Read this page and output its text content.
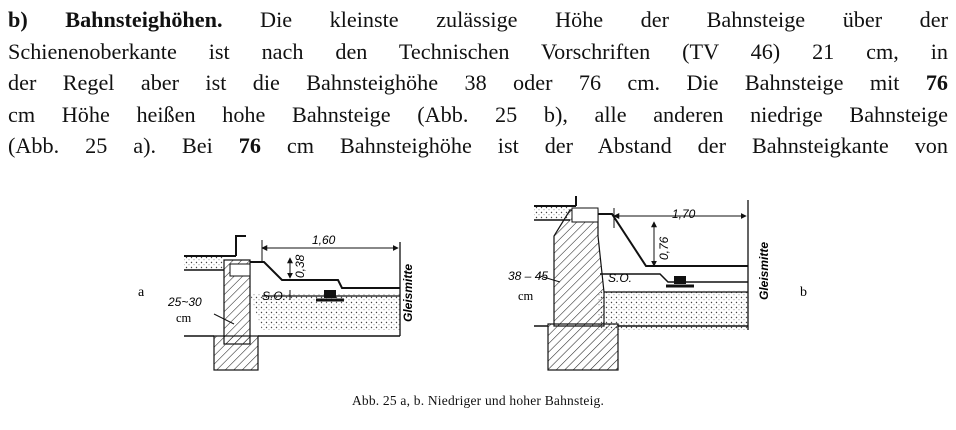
b) Bahnsteighöhen. Die kleinste zulässige Höhe der Bahnsteige über der
Schienenoberkante ist nach den Technischen Vorschriften (TV 46) 21 cm, in
der Regel aber ist die Bahnsteighöhe 38 oder 76 cm. Die Bahnsteige mit 76
cm Höhe heißen hohe Bahnsteige (Abb. 25 b), alle anderen niedrige Bahnsteige
(Abb. 25 a). Bei 76 cm Bahnsteighöhe ist der Abstand der Bahnsteigkante von
a
1,60
0,38
S.O.
25~30
cm	Gleismitte	b
1,70
0,76
S.O.
38 – 45
cm	Gleismitte
Abb. 25 a, b. Niedriger und hoher Bahnsteig.
